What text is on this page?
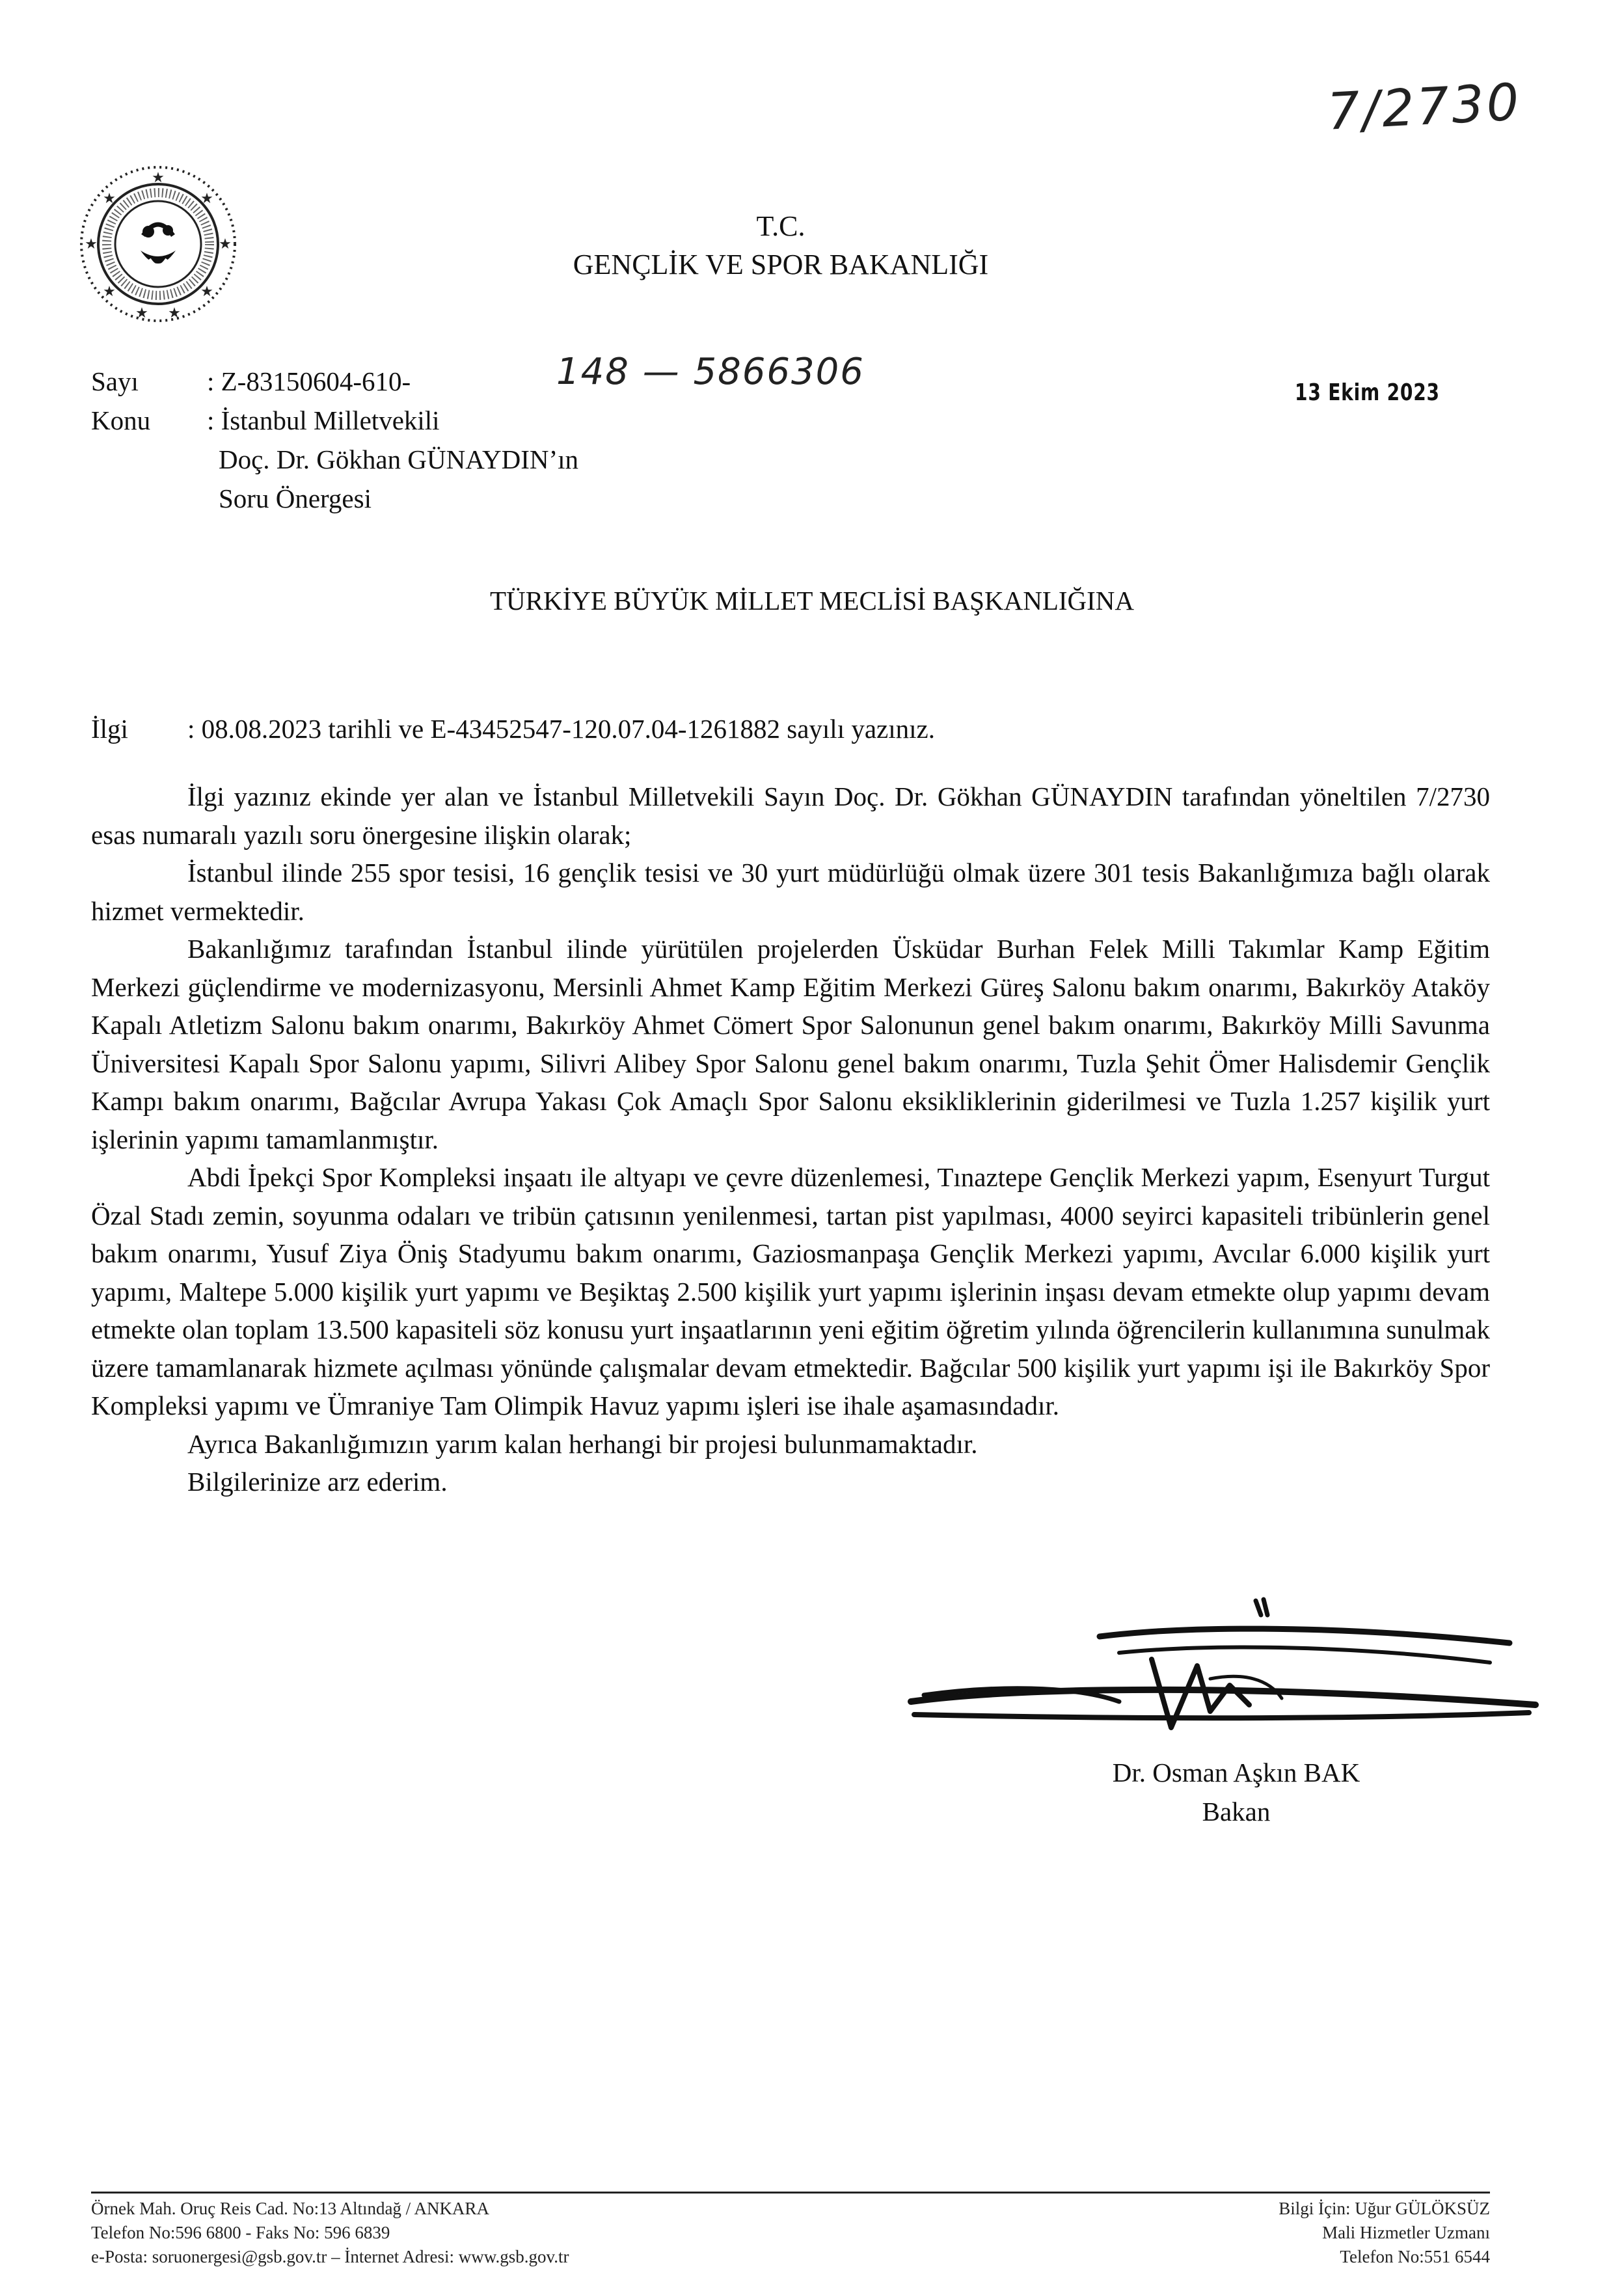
7/2730
★
★	★
★	★
★	★
★ ★
T.C.
GENÇLİK VE SPOR BAKANLIĞI
Sayı	: Z-83150604-610-	148 — 5866306
Konu : İstanbul Milletvekili
Doç. Dr. Gökhan GÜNAYDIN’ın
Soru Önergesi
13 Ekim 2023
TÜRKİYE BÜYÜK MİLLET MECLİSİ BAŞKANLIĞINA
İlgi : 08.08.2023 tarihli ve E-43452547-120.07.04-1261882 sayılı yazınız.

İlgi yazınız ekinde yer alan ve İstanbul Milletvekili Sayın Doç. Dr. Gökhan GÜNAYDIN tarafından yöneltilen 7/2730 esas numaralı yazılı soru önergesine ilişkin olarak;

İstanbul ilinde 255 spor tesisi, 16 gençlik tesisi ve 30 yurt müdürlüğü olmak üzere 301 tesis Bakanlığımıza bağlı olarak hizmet vermektedir.

Bakanlığımız tarafından İstanbul ilinde yürütülen projelerden Üsküdar Burhan Felek Milli Takımlar Kamp Eğitim Merkezi güçlendirme ve modernizasyonu, Mersinli Ahmet Kamp Eğitim Merkezi Güreş Salonu bakım onarımı, Bakırköy Ataköy Kapalı Atletizm Salonu bakım onarımı, Bakırköy Ahmet Cömert Spor Salonunun genel bakım onarımı, Bakırköy Milli Savunma Üniversitesi Kapalı Spor Salonu yapımı, Silivri Alibey Spor Salonu genel bakım onarımı, Tuzla Şehit Ömer Halisdemir Gençlik Kampı bakım onarımı, Bağcılar Avrupa Yakası Çok Amaçlı Spor Salonu eksikliklerinin giderilmesi ve Tuzla 1.257 kişilik yurt işlerinin yapımı tamamlanmıştır.

Abdi İpekçi Spor Kompleksi inşaatı ile altyapı ve çevre düzenlemesi, Tınaztepe Gençlik Merkezi yapım, Esenyurt Turgut Özal Stadı zemin, soyunma odaları ve tribün çatısının yenilenmesi, tartan pist yapılması, 4000 seyirci kapasiteli tribünlerin genel bakım onarımı, Yusuf Ziya Öniş Stadyumu bakım onarımı, Gaziosmanpaşa Gençlik Merkezi yapımı, Avcılar 6.000 kişilik yurt yapımı, Maltepe 5.000 kişilik yurt yapımı ve Beşiktaş 2.500 kişilik yurt yapımı işlerinin inşası devam etmekte olup yapımı devam etmekte olan toplam 13.500 kapasiteli söz konusu yurt inşaatlarının yeni eğitim öğretim yılında öğrencilerin kullanımına sunulmak üzere tamamlanarak hizmete açılması yönünde çalışmalar devam etmektedir. Bağcılar 500 kişilik yurt yapımı işi ile Bakırköy Spor Kompleksi yapımı ve Ümraniye Tam Olimpik Havuz yapımı işleri ise ihale aşamasındadır.

Ayrıca Bakanlığımızın yarım kalan herhangi bir projesi bulunmamaktadır.

Bilgilerinize arz ederim.

Dr. Osman Aşkın BAK
Bakan
Örnek Mah. Oruç Reis Cad. No:13 Altındağ / ANKARA
Telefon No:596 6800 - Faks No: 596 6839
e-Posta: soruonergesi@gsb.gov.tr – İnternet Adresi: www.gsb.gov.tr
Bilgi İçin: Uğur GÜLÖKSÜZ
Mali Hizmetler Uzmanı
Telefon No:551 6544
